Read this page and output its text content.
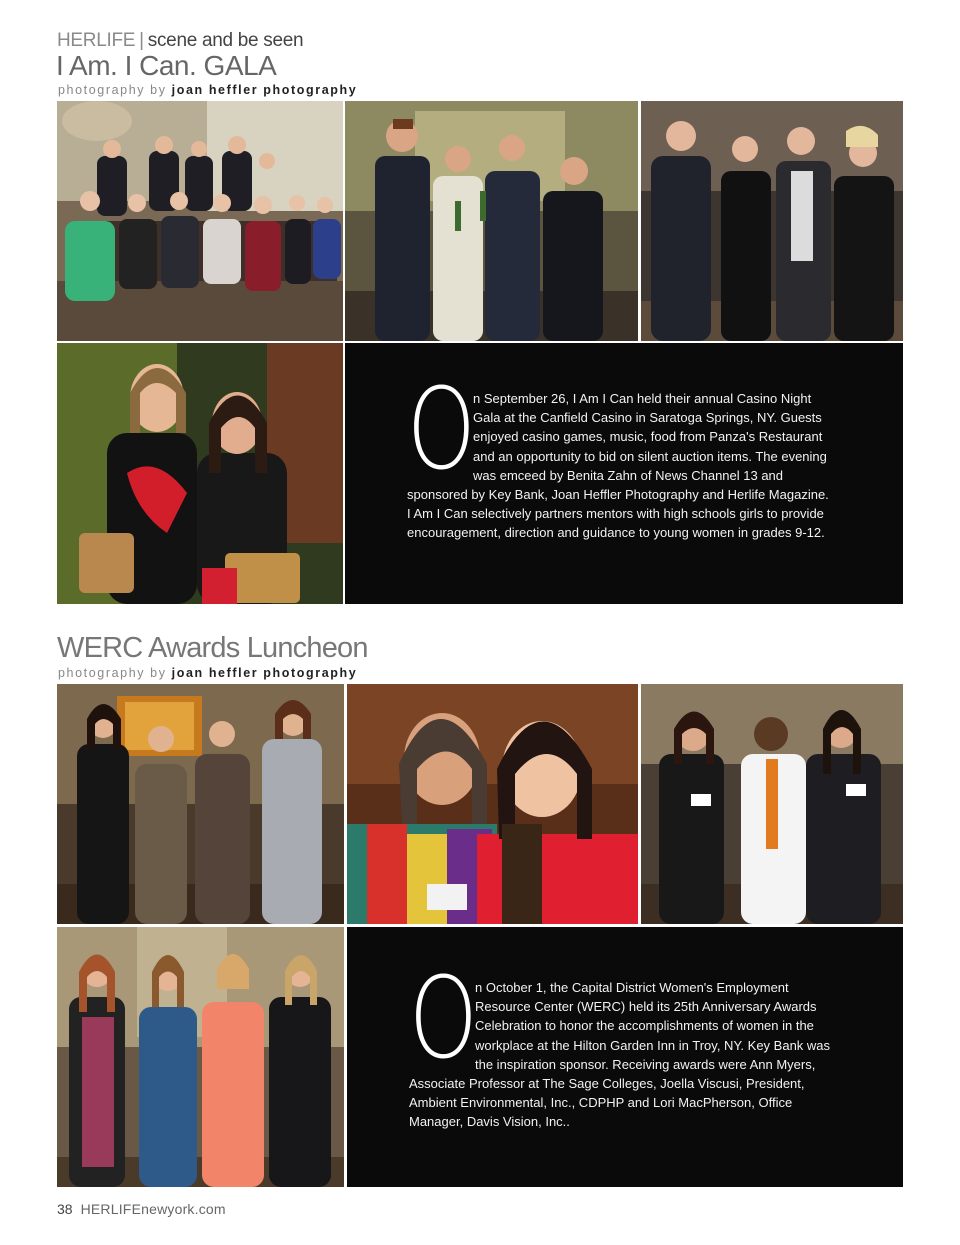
HERLIFE | scene and be seen
I Am. I Can. GALA
photography by joan heffler photography
O
n September 26, I Am I Can held their annual Casino Night Gala at the Canfield Casino in Saratoga Springs, NY. Guests enjoyed casino games, music, food from Panza's Restaurant and an opportunity to bid on silent auction items. The evening was emceed by Benita Zahn of News Channel 13 and sponsored by Key Bank, Joan Heffler Photography and Herlife Magazine. I Am I Can selectively partners mentors with high schools girls to provide encouragement, direction and guidance to young women in grades 9-12.
WERC Awards Luncheon
photography by joan heffler photography
O
n October 1, the Capital District Women's Employment Resource Center (WERC) held its 25th Anniversary Awards Celebration to honor the accomplishments of women in the workplace at the Hilton Garden Inn in Troy, NY. Key Bank was the inspiration sponsor. Receiving awards were Ann Myers, Associate Professor at The Sage Colleges, Joella Viscusi, President, Ambient Environmental, Inc., CDPHP and Lori MacPherson, Office Manager, Davis Vision, Inc..
38 HERLIFEnewyork.com
